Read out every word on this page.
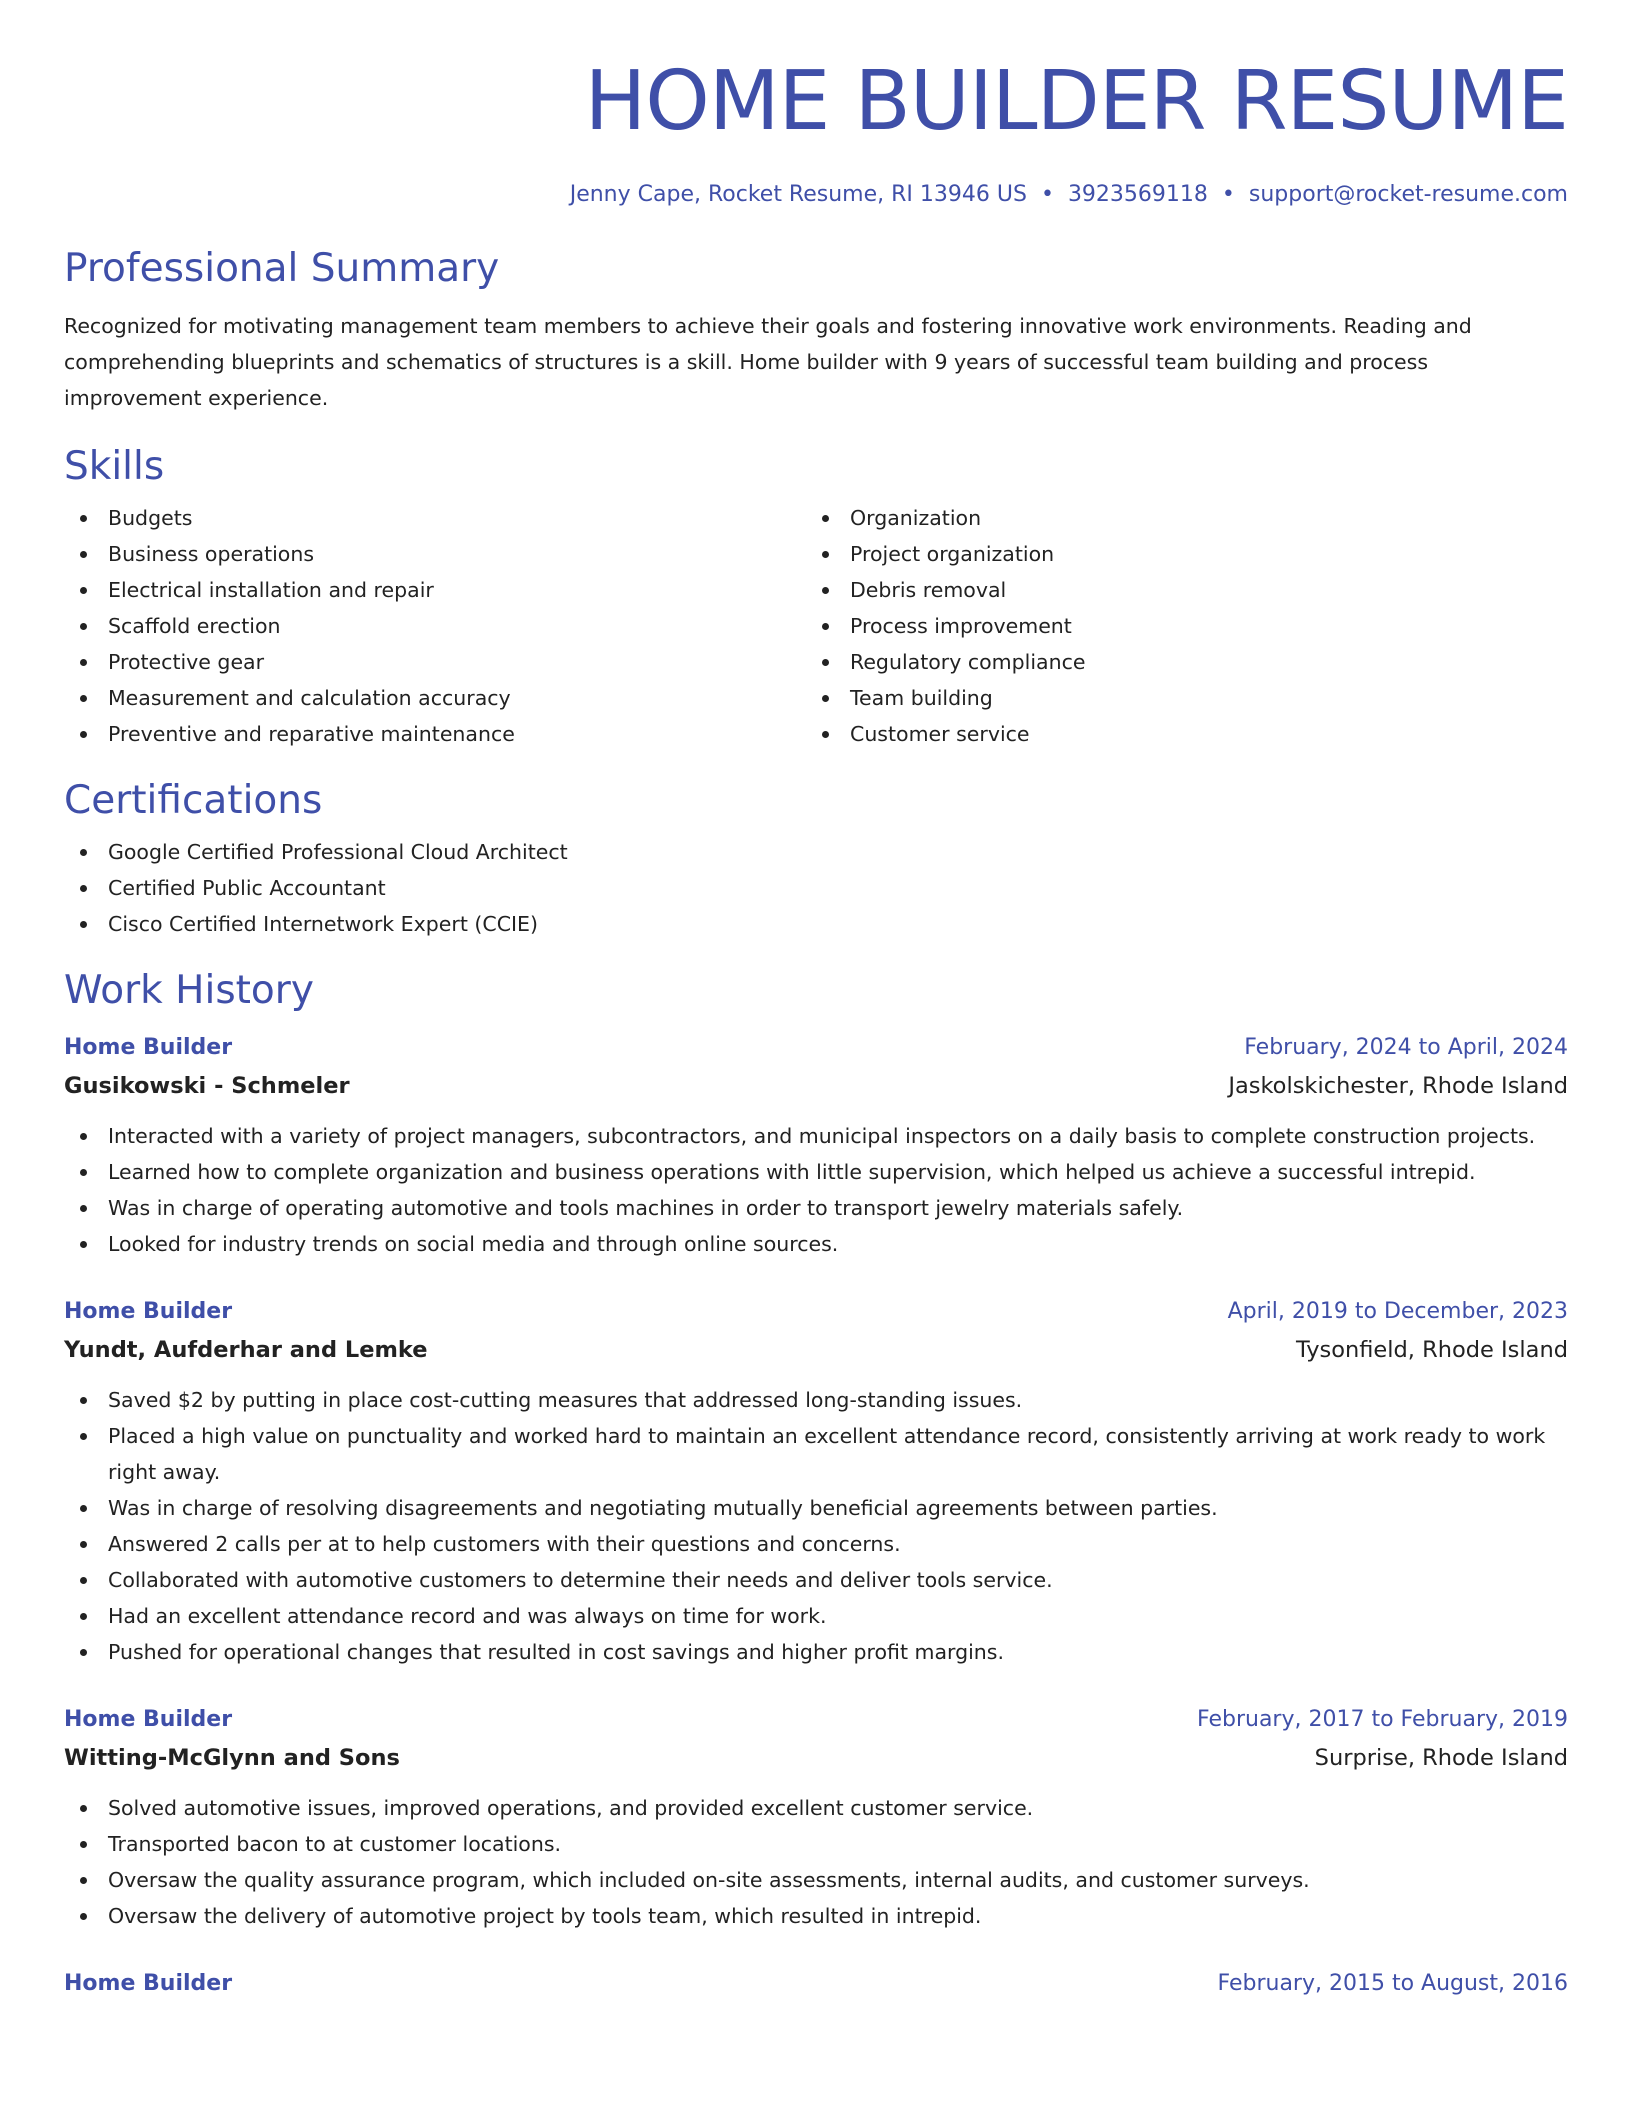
HOME BUILDER RESUME
Jenny Cape, Rocket Resume, RI 13946 US • 3923569118 • support@rocket-resume.com
Professional Summary

Recognized for motivating management team members to achieve their goals and fostering innovative work environments. Reading and comprehending blueprints and schematics of structures is a skill. Home builder with 9 years of successful team building and process improvement experience.

Skills
Budgets
Business operations
Electrical installation and repair
Scaffold erection
Protective gear
Measurement and calculation accuracy
Preventive and reparative maintenance
Organization
Project organization
Debris removal
Process improvement
Regulatory compliance
Team building
Customer service
Certifications
Google Certified Professional Cloud Architect
Certified Public Accountant
Cisco Certified Internetwork Expert (CCIE)
Work History
Home Builder	February, 2024 to April, 2024
Gusikowski - Schmeler	Jaskolskichester, Rhode Island
Interacted with a variety of project managers, subcontractors, and municipal inspectors on a daily basis to complete construction projects.
Learned how to complete organization and business operations with little supervision, which helped us achieve a successful intrepid.
Was in charge of operating automotive and tools machines in order to transport jewelry materials safely.
Looked for industry trends on social media and through online sources.
Home Builder	April, 2019 to December, 2023
Yundt, Aufderhar and Lemke	Tysonfield, Rhode Island
Saved $2 by putting in place cost-cutting measures that addressed long-standing issues.
Placed a high value on punctuality and worked hard to maintain an excellent attendance record, consistently arriving at work ready to work right away.
Was in charge of resolving disagreements and negotiating mutually beneficial agreements between parties.
Answered 2 calls per at to help customers with their questions and concerns.
Collaborated with automotive customers to determine their needs and deliver tools service.
Had an excellent attendance record and was always on time for work.
Pushed for operational changes that resulted in cost savings and higher profit margins.
Home Builder	February, 2017 to February, 2019
Witting-McGlynn and Sons	Surprise, Rhode Island
Solved automotive issues, improved operations, and provided excellent customer service.
Transported bacon to at customer locations.
Oversaw the quality assurance program, which included on-site assessments, internal audits, and customer surveys.
Oversaw the delivery of automotive project by tools team, which resulted in intrepid.
Home Builder	February, 2015 to August, 2016
